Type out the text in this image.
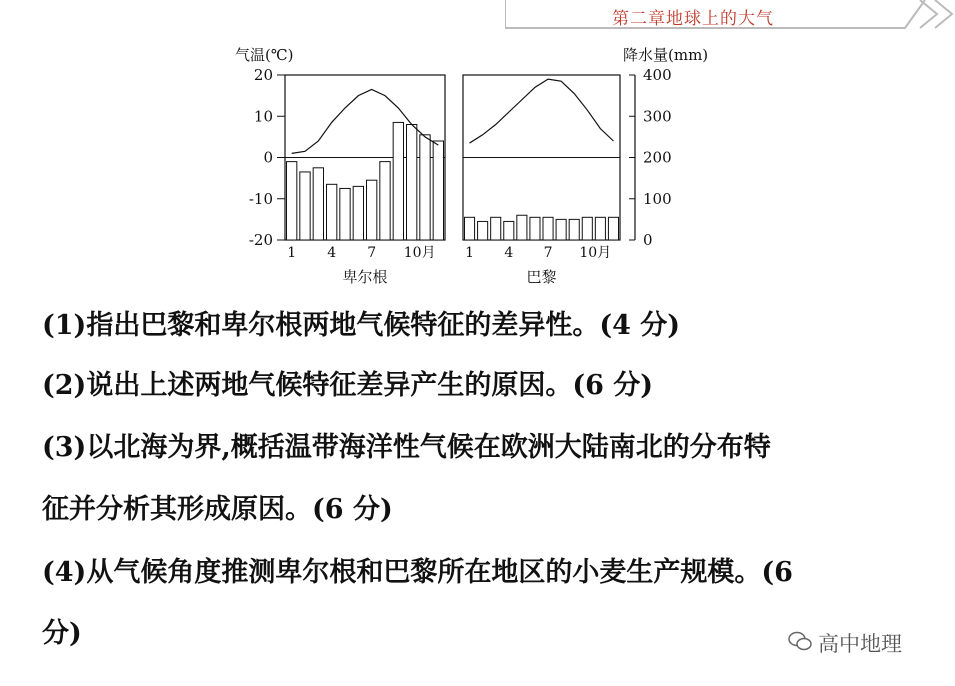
第二章地球上的大气
1 4 7 10月
卑尔根
1 4 7 10月
巴黎
20
10
0
-10
-20
气温(℃)
400
300
200
100
0
降水量(mm)
(1)指出巴黎和卑尔根两地气候特征的差异性。(4 分)
(2)说出上述两地气候特征差异产生的原因。(6 分)
(3)以北海为界,概括温带海洋性气候在欧洲大陆南北的分布特
征并分析其形成原因。(6 分)
(4)从气候角度推测卑尔根和巴黎所在地区的小麦生产规模。(6
分)	高中地理
